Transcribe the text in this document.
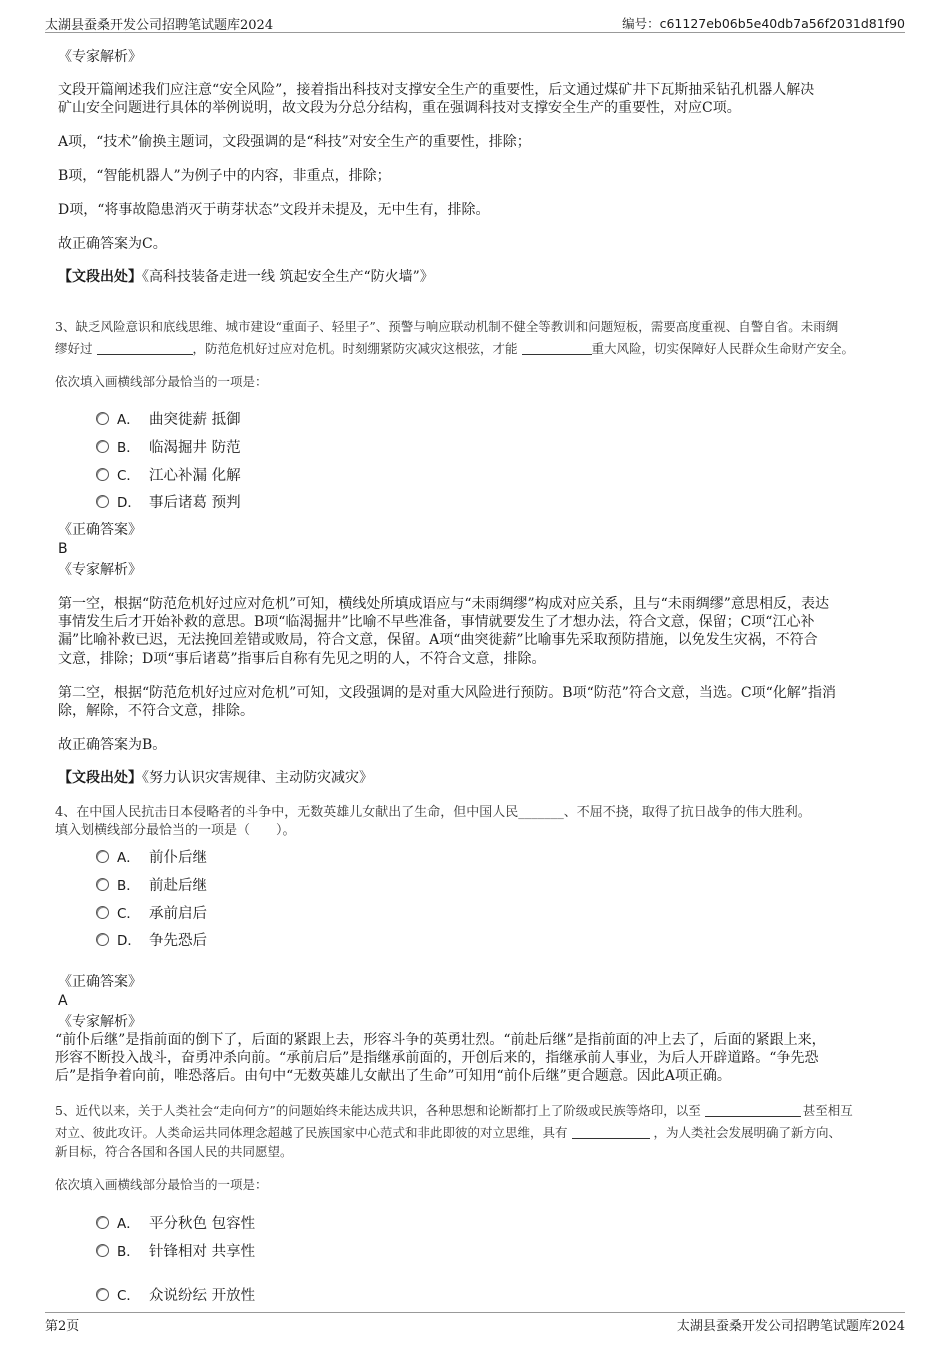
太湖县蚕桑开发公司招聘笔试题库2024	编号：c61127eb06b5e40db7a56f2031d81f90
《专家解析》
文段开篇阐述我们应注意“安全风险”，接着指出科技对支撑安全生产的重要性，后文通过煤矿井下瓦斯抽采钻孔机器人解决
矿山安全问题进行具体的举例说明，故文段为分总分结构，重在强调科技对支撑安全生产的重要性，对应C项。
A项，“技术”偷换主题词，文段强调的是“科技”对安全生产的重要性，排除；
B项，“智能机器人”为例子中的内容，非重点，排除；
D项，“将事故隐患消灭于萌芽状态”文段并未提及，无中生有，排除。
故正确答案为C。
【文段出处】《高科技装备走进一线 筑起安全生产“防火墙”》
3、缺乏风险意识和底线思维、城市建设“重面子、轻里子”、预警与响应联动机制不健全等教训和问题短板，需要高度重视、自警自省。未雨绸
缪好过	，防范危机好过应对危机。时刻绷紧防灾减灾这根弦，才能	重大风险，切实保障好人民群众生命财产安全。
依次填入画横线部分最恰当的一项是：
A． 曲突徙薪 抵御
B． 临渴掘井 防范
C． 江心补漏 化解
D． 事后诸葛 预判
《正确答案》
B
《专家解析》
第一空，根据“防范危机好过应对危机”可知，横线处所填成语应与“未雨绸缪”构成对应关系，且与“未雨绸缪”意思相反，表达
事情发生后才开始补救的意思。B项“临渴掘井”比喻不早些准备，事情就要发生了才想办法，符合文意，保留；C项“江心补
漏”比喻补救已迟，无法挽回差错或败局，符合文意，保留。A项“曲突徙薪”比喻事先采取预防措施，以免发生灾祸，不符合
文意，排除；D项“事后诸葛”指事后自称有先见之明的人，不符合文意，排除。
第二空，根据“防范危机好过应对危机”可知，文段强调的是对重大风险进行预防。B项“防范”符合文意，当选。C项“化解”指消
除，解除，不符合文意，排除。
故正确答案为B。
【文段出处】《努力认识灾害规律、主动防灾减灾》
4、在中国人民抗击日本侵略者的斗争中，无数英雄儿女献出了生命，但中国人民_______、不屈不挠，取得了抗日战争的伟大胜利。
填入划横线部分最恰当的一项是（　　）。
A． 前仆后继
B． 前赴后继
C． 承前启后
D． 争先恐后
《正确答案》
A
《专家解析》
“前仆后继”是指前面的倒下了，后面的紧跟上去，形容斗争的英勇壮烈。“前赴后继”是指前面的冲上去了，后面的紧跟上来，
形容不断投入战斗，奋勇冲杀向前。“承前启后”是指继承前面的，开创后来的，指继承前人事业，为后人开辟道路。“争先恐
后”是指争着向前，唯恐落后。由句中“无数英雄儿女献出了生命”可知用“前仆后继”更合题意。因此A项正确。
5、近代以来，关于人类社会“走向何方”的问题始终未能达成共识，各种思想和论断都打上了阶级或民族等烙印，以至	甚至相互
对立、彼此攻讦。人类命运共同体理念超越了民族国家中心范式和非此即彼的对立思维，具有	，为人类社会发展明确了新方向、
新目标，符合各国和各国人民的共同愿望。
依次填入画横线部分最恰当的一项是：
A． 平分秋色 包容性
B． 针锋相对 共享性
C． 众说纷纭 开放性
第2页	太湖县蚕桑开发公司招聘笔试题库2024
